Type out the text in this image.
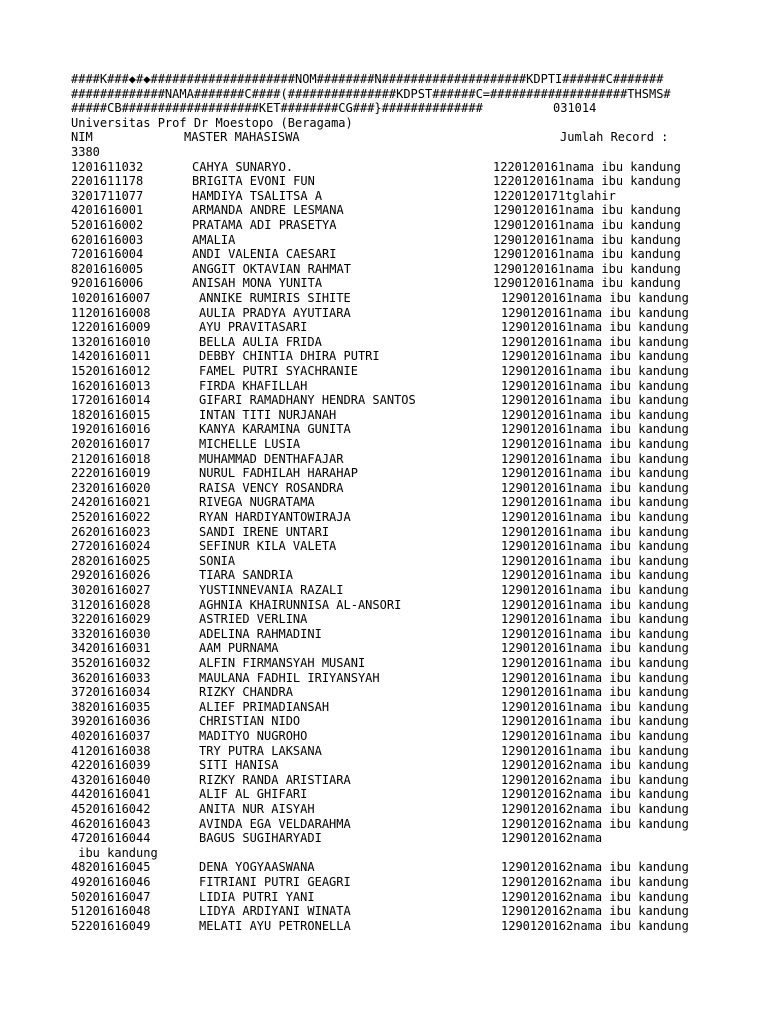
####K###◆#◆####################NOM########N####################KDPTI######C#######

#############NAMA#######C####(###############KDPST######C=###################THSMS#

#####CB###################KET########CG###}##############

	031014

Universitas Prof Dr Moestopo (Beragama)

NIM

	MASTER MAHASISWA

	Jumlah Record :

3380

1201611032	CAHYA SUNARYO.	1220120161nama ibu kandung
2201611178	BRIGITA EVONI FUN	1220120161nama ibu kandung
3201711077	HAMDIYA TSALITSA A	1220120171tglahir
4201616001	ARMANDA ANDRE LESMANA	1290120161nama ibu kandung
5201616002	PRATAMA ADI PRASETYA	1290120161nama ibu kandung
6201616003	AMALIA	1290120161nama ibu kandung
7201616004	ANDI VALENIA CAESARI	1290120161nama ibu kandung
8201616005	ANGGIT OKTAVIAN RAHMAT	1290120161nama ibu kandung
9201616006	ANISAH MONA YUNITA	1290120161nama ibu kandung
10201616007	ANNIKE RUMIRIS SIHITE	1290120161nama ibu kandung
11201616008	AULIA PRADYA AYUTIARA	1290120161nama ibu kandung
12201616009	AYU PRAVITASARI	1290120161nama ibu kandung
13201616010	BELLA AULIA FRIDA	1290120161nama ibu kandung
14201616011	DEBBY CHINTIA DHIRA PUTRI	1290120161nama ibu kandung
15201616012	FAMEL PUTRI SYACHRANIE	1290120161nama ibu kandung
16201616013	FIRDA KHAFILLAH	1290120161nama ibu kandung
17201616014	GIFARI RAMADHANY HENDRA SANTOS	1290120161nama ibu kandung
18201616015	INTAN TITI NURJANAH	1290120161nama ibu kandung
19201616016	KANYA KARAMINA GUNITA	1290120161nama ibu kandung
20201616017	MICHELLE LUSIA	1290120161nama ibu kandung
21201616018	MUHAMMAD DENTHAFAJAR	1290120161nama ibu kandung
22201616019	NURUL FADHILAH HARAHAP	1290120161nama ibu kandung
23201616020	RAISA VENCY ROSANDRA	1290120161nama ibu kandung
24201616021	RIVEGA NUGRATAMA	1290120161nama ibu kandung
25201616022	RYAN HARDIYANTOWIRAJA	1290120161nama ibu kandung
26201616023	SANDI IRENE UNTARI	1290120161nama ibu kandung
27201616024	SEFINUR KILA VALETA	1290120161nama ibu kandung
28201616025	SONIA	1290120161nama ibu kandung
29201616026	TIARA SANDRIA	1290120161nama ibu kandung
30201616027	YUSTINNEVANIA RAZALI	1290120161nama ibu kandung
31201616028	AGHNIA KHAIRUNNISA AL-ANSORI	1290120161nama ibu kandung
32201616029	ASTRIED VERLINA	1290120161nama ibu kandung
33201616030	ADELINA RAHMADINI	1290120161nama ibu kandung
34201616031	AAM PURNAMA	1290120161nama ibu kandung
35201616032	ALFIN FIRMANSYAH MUSANI	1290120161nama ibu kandung
36201616033	MAULANA FADHIL IRIYANSYAH	1290120161nama ibu kandung
37201616034	RIZKY CHANDRA	1290120161nama ibu kandung
38201616035	ALIEF PRIMADIANSAH	1290120161nama ibu kandung
39201616036	CHRISTIAN NIDO	1290120161nama ibu kandung
40201616037	MADITYO NUGROHO	1290120161nama ibu kandung
41201616038	TRY PUTRA LAKSANA	1290120161nama ibu kandung
42201616039	SITI HANISA	1290120162nama ibu kandung
43201616040	RIZKY RANDA ARISTIARA	1290120162nama ibu kandung
44201616041	ALIF AL GHIFARI	1290120162nama ibu kandung
45201616042	ANITA NUR AISYAH	1290120162nama ibu kandung
46201616043	AVINDA EGA VELDARAHMA	1290120162nama ibu kandung
47201616044	BAGUS SUGIHARYADI	1290120162nama
ibu kandung
48201616045	DENA YOGYAASWANA	1290120162nama ibu kandung
49201616046	FITRIANI PUTRI GEAGRI	1290120162nama ibu kandung
50201616047	LIDIA PUTRI YANI	1290120162nama ibu kandung
51201616048	LIDYA ARDIYANI WINATA	1290120162nama ibu kandung
52201616049	MELATI AYU PETRONELLA	1290120162nama ibu kandung
